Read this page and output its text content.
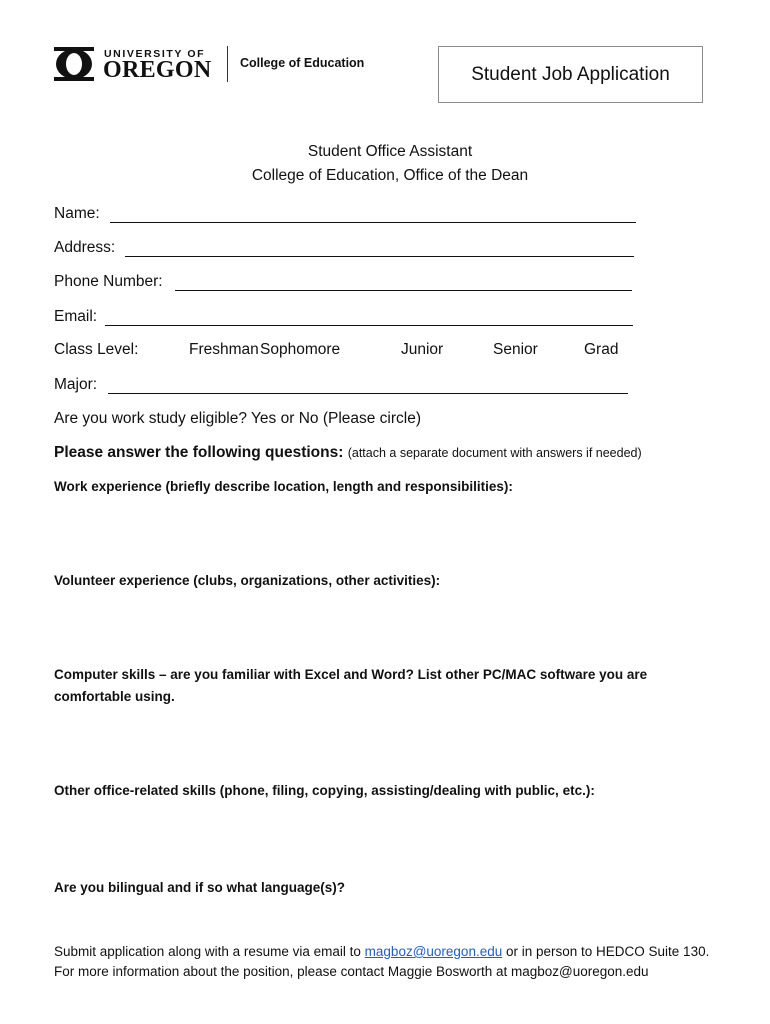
UNIVERSITY OF
OREGON College of Education
Student Job Application
Student Office Assistant
College of Education, Office of the Dean
Name:
Address:
Phone Number:
Email:
Class Level:	Freshman Sophomore	Junior	Senior	Grad
Major:
Are you work study eligible? Yes or No (Please circle)
Please answer the following questions: (attach a separate document with answers if needed)
Work experience (briefly describe location, length and responsibilities):
Volunteer experience (clubs, organizations, other activities):
Computer skills – are you familiar with Excel and Word? List other PC/MAC software you are comfortable using.
Other office-related skills (phone, filing, copying, assisting/dealing with public, etc.):
Are you bilingual and if so what language(s)?
Submit application along with a resume via email to magboz@uoregon.edu or in person to HEDCO Suite 130. For more information about the position, please contact Maggie Bosworth at magboz@uoregon.edu
